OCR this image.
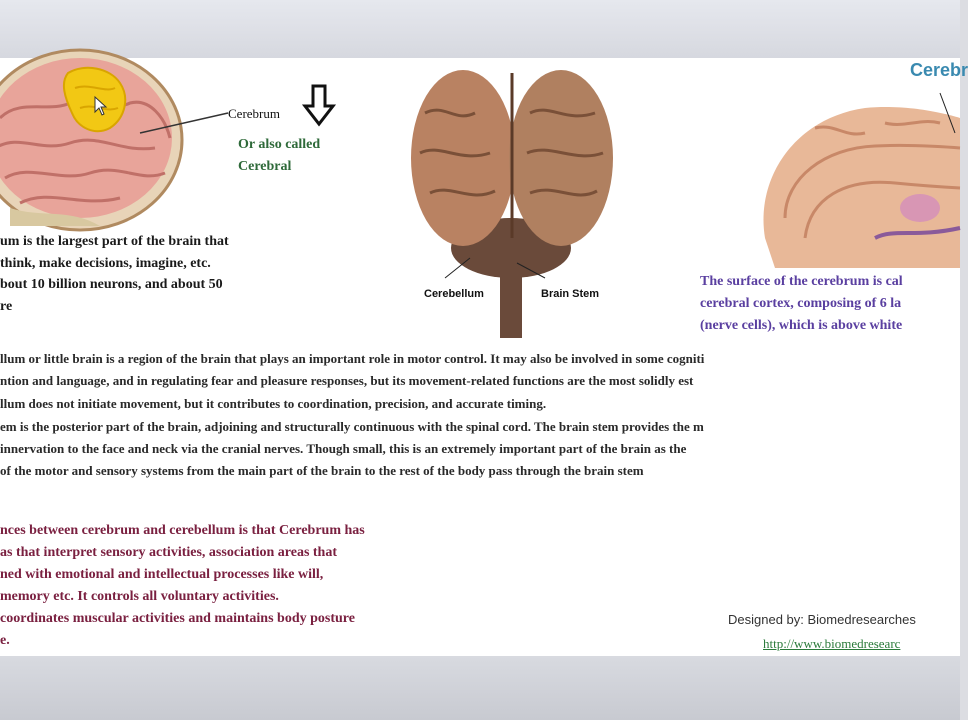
Cerebrum
Or also called
Cerebral
Cerebellum	Brain Stem
Cerebr
The surface of the cerebrum is cal
cerebral cortex, composing of 6 la
(nerve cells), which is above white
um is the largest part of the brain that
think, make decisions, imagine, etc.
bout 10 billion neurons, and about 50
re
llum or little brain is a region of the brain that plays an important role in motor control. It may also be involved in some cogniti
ntion and language, and in regulating fear and pleasure responses, but its movement-related functions are the most solidly est
llum does not initiate movement, but it contributes to coordination, precision, and accurate timing.
em is the posterior part of the brain, adjoining and structurally continuous with the spinal cord. The brain stem provides the m
innervation to the face and neck via the cranial nerves. Though small, this is an extremely important part of the brain as the
of the motor and sensory systems from the main part of the brain to the rest of the body pass through the brain stem
nces between cerebrum and cerebellum is that Cerebrum has
as that interpret sensory activities, association areas that
ned with emotional and intellectual processes like will,
memory etc. It controls all voluntary activities.
coordinates muscular activities and maintains body posture
e.
Designed by: Biomedresearches
http://www.biomedresearc
